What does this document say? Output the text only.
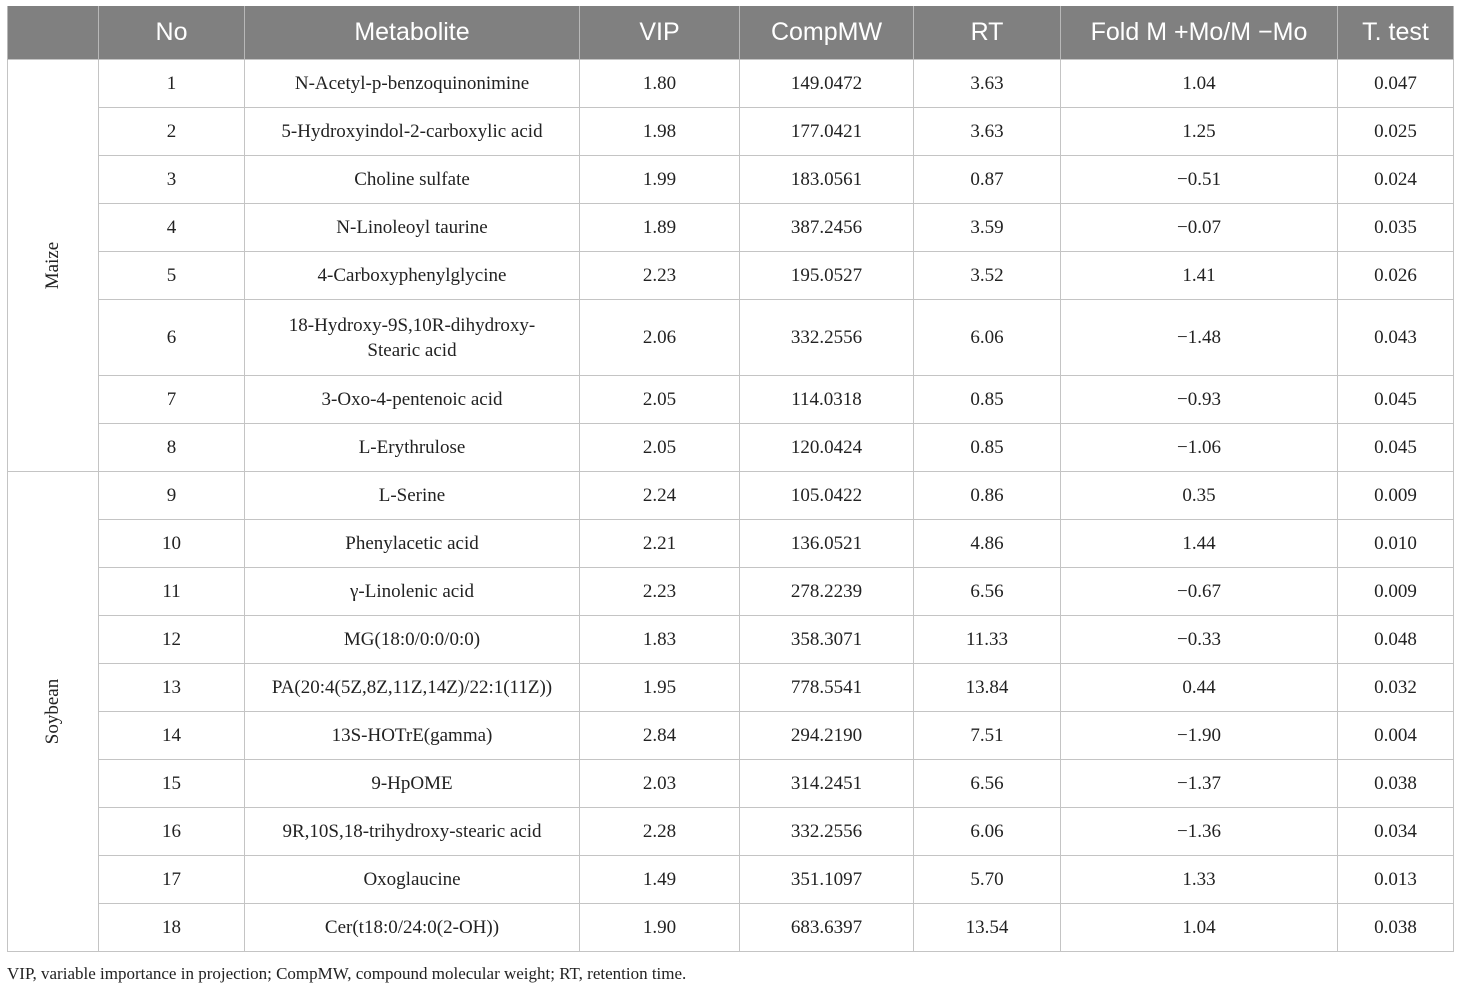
	No	Metabolite	VIP	CompMW	RT	Fold M +Mo/M −Mo	T. test
Maize	1	N-Acetyl-p-benzoquinonimine	1.80	149.0472	3.63	1.04	0.047
	2	5-Hydroxyindol-2-carboxylic acid	1.98	177.0421	3.63	1.25	0.025
	3	Choline sulfate	1.99	183.0561	0.87	−0.51	0.024
	4	N-Linoleoyl taurine	1.89	387.2456	3.59	−0.07	0.035
	5	4-Carboxyphenylglycine	2.23	195.0527	3.52	1.41	0.026
	6	18-Hydroxy-9S,10R-dihydroxy-
Stearic acid	2.06	332.2556	6.06	−1.48	0.043
	7	3-Oxo-4-pentenoic acid	2.05	114.0318	0.85	−0.93	0.045
	8	L-Erythrulose	2.05	120.0424	0.85	−1.06	0.045
Soybean	9	L-Serine	2.24	105.0422	0.86	0.35	0.009
	10	Phenylacetic acid	2.21	136.0521	4.86	1.44	0.010
	11	γ-Linolenic acid	2.23	278.2239	6.56	−0.67	0.009
	12	MG(18:0/0:0/0:0)	1.83	358.3071	11.33	−0.33	0.048
	13	PA(20:4(5Z,8Z,11Z,14Z)/22:1(11Z))	1.95	778.5541	13.84	0.44	0.032
	14	13S-HOTrE(gamma)	2.84	294.2190	7.51	−1.90	0.004
	15	9-HpOME	2.03	314.2451	6.56	−1.37	0.038
	16	9R,10S,18-trihydroxy-stearic acid	2.28	332.2556	6.06	−1.36	0.034
	17	Oxoglaucine	1.49	351.1097	5.70	1.33	0.013
	18	Cer(t18:0/24:0(2-OH))	1.90	683.6397	13.54	1.04	0.038
VIP, variable importance in projection; CompMW, compound molecular weight; RT, retention time.
